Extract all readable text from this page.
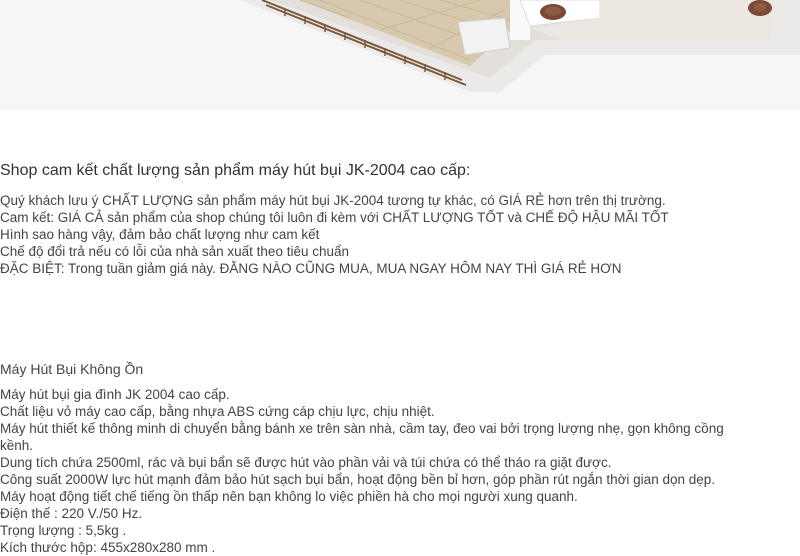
Shop cam kết chất lượng sản phẩm máy hút bụi JK-2004 cao cấp:
Quý khách lưu ý CHẤT LƯỢNG sản phẩm máy hút bụi JK-2004 tương tự khác, có GIÁ RẺ hơn trên thị trường.
Cam kết: GIÁ CẢ sản phẩm của shop chúng tôi luôn đi kèm với CHẤT LƯỢNG TỐT và CHẾ ĐỘ HẬU MÃI TỐT
Hình sao hàng vậy, đảm bảo chất lượng như cam kết
Chế độ đổi trả nếu có lỗi của nhà sản xuất theo tiêu chuẩn
ĐẶC BIỆT: Trong tuần giảm giá này. ĐẰNG NÀO CŨNG MUA, MUA NGAY HÔM NAY THÌ GIÁ RẺ HƠN
Máy Hút Bụi Không Ồn
Máy hút bụi gia đình JK 2004 cao cấp.
Chất liệu vỏ máy cao cấp, bằng nhựa ABS cứng cáp chịu lực, chịu nhiệt.
Máy hút thiết kế thông minh di chuyển bằng bánh xe trên sàn nhà, cầm tay, đeo vai bởi trọng lượng nhẹ, gọn không cồng kềnh.
Dung tích chứa 2500ml, rác và bụi bẩn sẽ được hút vào phần vải và túi chứa có thể tháo ra giặt được.
Công suất 2000W lực hút mạnh đảm bảo hút sạch bụi bẩn, hoạt động bền bỉ hơn, góp phần rút ngắn thời gian dọn dẹp.
Máy hoạt động tiết chế tiếng ồn thấp nên bạn không lo việc phiền hà cho mọi người xung quanh.
Điện thế : 220 V./50 Hz.
Trọng lượng : 5,5kg .
Kích thước hộp: 455x280x280 mm .
